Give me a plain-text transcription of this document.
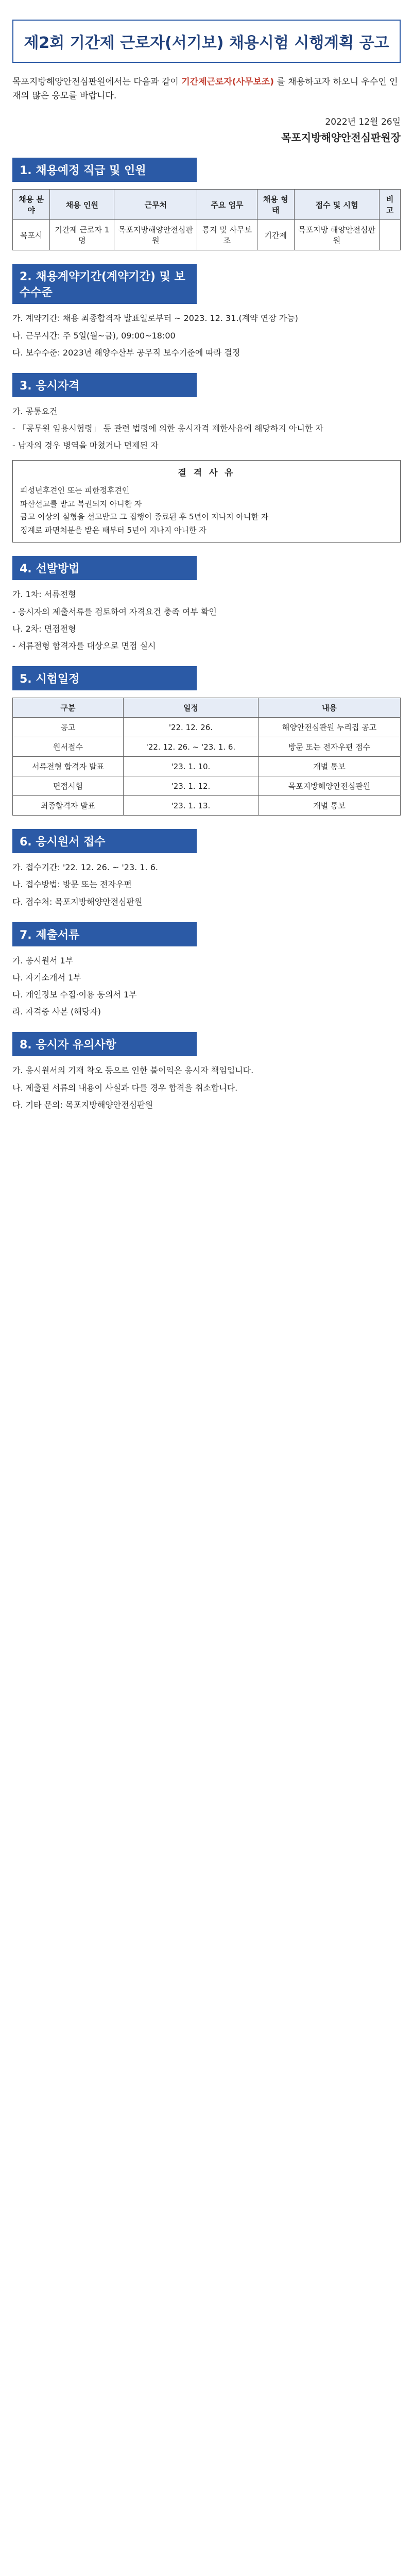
제2회 기간제 근로자(서기보) 채용시험 시행계획 공고
목포지방해양안전심판원에서는 다음과 같이 기간제근로자(사무보조) 를 채용하고자 하오니 우수인 인재의 많은 응모를 바랍니다.
2022년 12월 26일
목포지방해양안전심판원장
1. 채용예정 직급 및 인원
채용 분야	채용 인원	근무처	주요 업무	채용 형태	접수 및 시험	비고
목포시	기간제 근로자 1명	목포지방해양안전심판원	통지 및 사무보조	기간제	목포지방 해양안전심판원	
2. 채용계약기간(계약기간) 및 보수수준

가. 계약기간: 채용 최종합격자 발표일로부터 ~ 2023. 12. 31.(계약 연장 가능)

나. 근무시간: 주 5일(월~금), 09:00~18:00

다. 보수수준: 2023년 해양수산부 공무직 보수기준에 따라 결정

3. 응시자격

가. 공통요건

- 「공무원 임용시험령」 등 관련 법령에 의한 응시자격 제한사유에 해당하지 아니한 자

- 남자의 경우 병역을 마쳤거나 면제된 자

결 격 사 유
피성년후견인 또는 피한정후견인
파산선고를 받고 복권되지 아니한 자
금고 이상의 실형을 선고받고 그 집행이 종료된 후 5년이 지나지 아니한 자
징계로 파면처분을 받은 때부터 5년이 지나지 아니한 자
4. 선발방법

가. 1차: 서류전형

- 응시자의 제출서류를 검토하여 자격요건 충족 여부 확인

나. 2차: 면접전형

- 서류전형 합격자를 대상으로 면접 실시

5. 시험일정
구분	일정	내용
공고	'22. 12. 26.	해양안전심판원 누리집 공고
원서접수	'22. 12. 26. ~ '23. 1. 6.	방문 또는 전자우편 접수
서류전형 합격자 발표	'23. 1. 10.	개별 통보
면접시험	'23. 1. 12.	목포지방해양안전심판원
최종합격자 발표	'23. 1. 13.	개별 통보
6. 응시원서 접수

가. 접수기간: '22. 12. 26. ~ '23. 1. 6.

나. 접수방법: 방문 또는 전자우편

다. 접수처: 목포지방해양안전심판원

7. 제출서류

가. 응시원서 1부

나. 자기소개서 1부

다. 개인정보 수집·이용 동의서 1부

라. 자격증 사본 (해당자)

8. 응시자 유의사항

가. 응시원서의 기재 착오 등으로 인한 불이익은 응시자 책임입니다.

나. 제출된 서류의 내용이 사실과 다를 경우 합격을 취소합니다.

다. 기타 문의: 목포지방해양안전심판원
